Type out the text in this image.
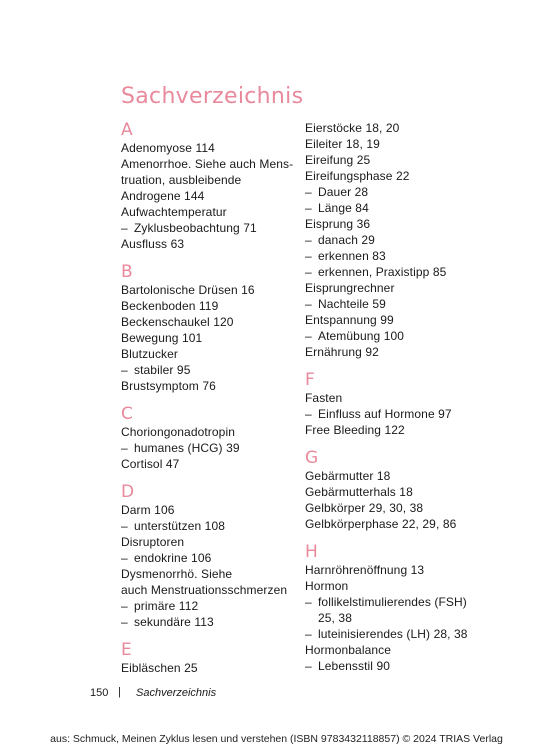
Sachverzeichnis
A
Adenomyose 114
Amenorrhoe. Siehe auch Mens-
truation, ausbleibende
Androgene 144
Aufwachtemperatur
– Zyklusbeobachtung 71
Ausfluss 63
B
Bartolonische Drüsen 16
Beckenboden 119
Beckenschaukel 120
Bewegung 101
Blutzucker
– stabiler 95
Brustsymptom 76
C
Choriongonadotropin
– humanes (HCG) 39
Cortisol 47
D
Darm 106
– unterstützen 108
Disruptoren
– endokrine 106
Dysmenorrhö. Siehe
auch Menstruationsschmerzen
– primäre 112
– sekundäre 113
E
Eibläschen 25
Eierstöcke 18, 20
Eileiter 18, 19
Eireifung 25
Eireifungsphase 22
– Dauer 28
– Länge 84
Eisprung 36
– danach 29
– erkennen 83
– erkennen, Praxistipp 85
Eisprungrechner
– Nachteile 59
Entspannung 99
– Atemübung 100
Ernährung 92
F
Fasten
– Einfluss auf Hormone 97
Free Bleeding 122
G
Gebärmutter 18
Gebärmutterhals 18
Gelbkörper 29, 30, 38
Gelbkörperphase 22, 29, 86
H
Harnröhrenöffnung 13
Hormon
– follikelstimulierendes (FSH)
25, 38
– luteinisierendes (LH) 28, 38
Hormonbalance
– Lebensstil 90
150 | Sachverzeichnis
aus: Schmuck, Meinen Zyklus lesen und verstehen (ISBN 9783432118857) © 2024 TRIAS Verlag
